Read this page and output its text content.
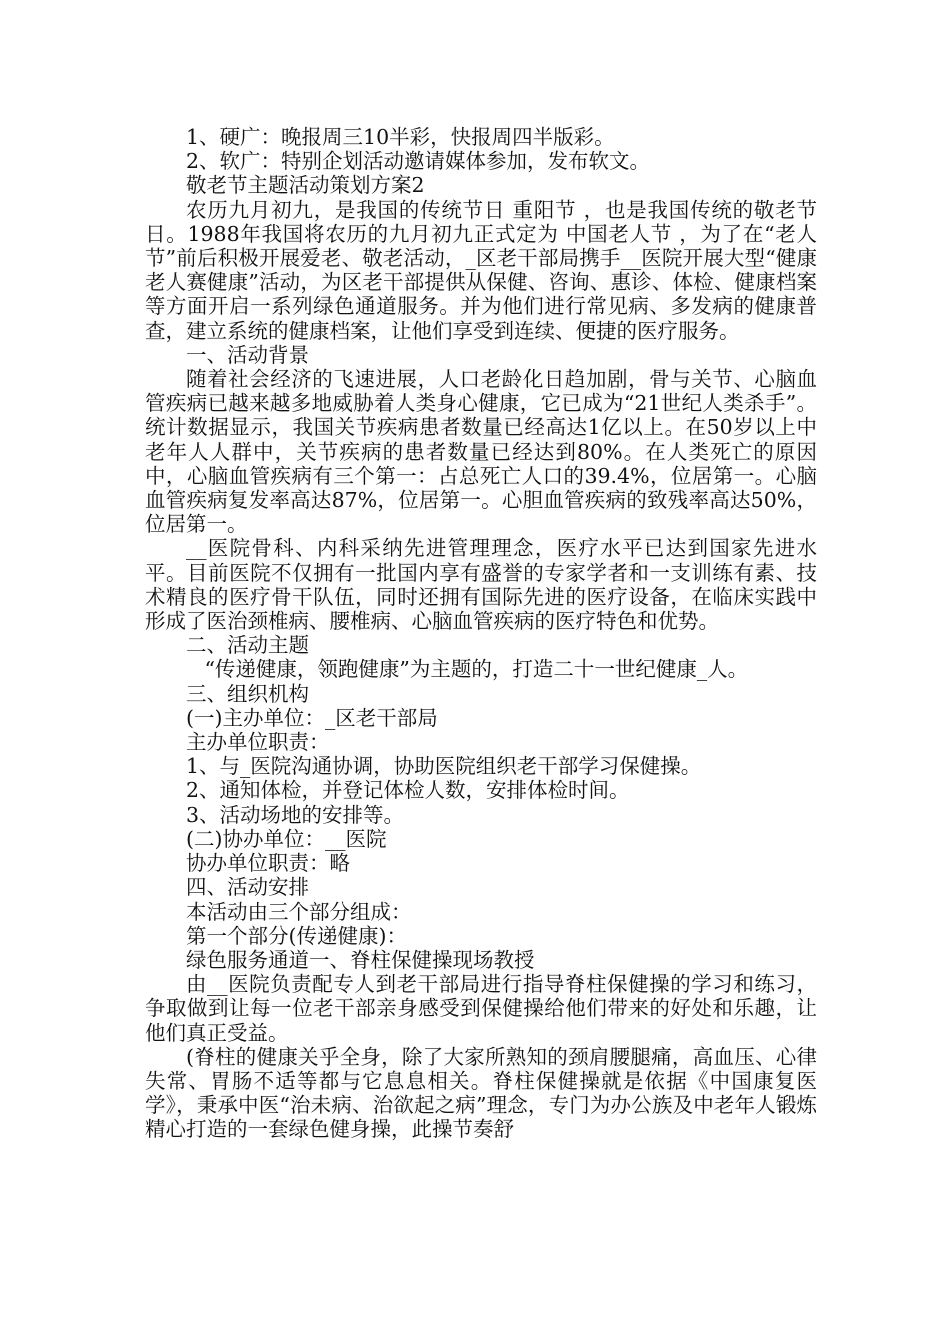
1、硬广：晚报周三10半彩，快报周四半版彩。

2、软广：特别企划活动邀请媒体参加，发布软文。

敬老节主题活动策划方案2

农历九月初九，是我国的传统节日 重阳节 ，也是我国传统的敬老节日。1988年我国将农历的九月初九正式定为 中国老人节 ，为了在“老人节”前后积极开展爱老、敬老活动，_区老干部局携手__医院开展大型“健康老人赛健康”活动，为区老干部提供从保健、咨询、惠诊、体检、健康档案等方面开启一系列绿色通道服务。并为他们进行常见病、多发病的健康普查，建立系统的健康档案，让他们享受到连续、便捷的医疗服务。

一、活动背景

随着社会经济的飞速进展，人口老龄化日趋加剧，骨与关节、心脑血管疾病已越来越多地威胁着人类身心健康，它已成为“21世纪人类杀手”。统计数据显示，我国关节疾病患者数量已经高达1亿以上。在50岁以上中老年人人群中，关节疾病的患者数量已经达到80%。在人类死亡的原因中，心脑血管疾病有三个第一：占总死亡人口的39.4%，位居第一。心脑血管疾病复发率高达87%，位居第一。心胆血管疾病的致残率高达50%，位居第一。

__医院骨科、内科采纳先进管理理念，医疗水平已达到国家先进水平。目前医院不仅拥有一批国内享有盛誉的专家学者和一支训练有素、技术精良的医疗骨干队伍，同时还拥有国际先进的医疗设备，在临床实践中形成了医治颈椎病、腰椎病、心脑血管疾病的医疗特色和优势。

二、活动主题

“传递健康，领跑健康”为主题的，打造二十一世纪健康_人。

三、组织机构

(一)主办单位：_区老干部局

主办单位职责：

1、与_医院沟通协调，协助医院组织老干部学习保健操。

2、通知体检，并登记体检人数，安排体检时间。

3、活动场地的安排等。

(二)协办单位：__医院

协办单位职责：略

四、活动安排

本活动由三个部分组成：

第一个部分(传递健康)：

绿色服务通道一、脊柱保健操现场教授

由__医院负责配专人到老干部局进行指导脊柱保健操的学习和练习，争取做到让每一位老干部亲身感受到保健操给他们带来的好处和乐趣，让他们真正受益。

(脊柱的健康关乎全身，除了大家所熟知的颈肩腰腿痛，高血压、心律失常、胃肠不适等都与它息息相关。脊柱保健操就是依据《中国康复医学》，秉承中医“治未病、治欲起之病”理念，专门为办公族及中老年人锻炼精心打造的一套绿色健身操，此操节奏舒
